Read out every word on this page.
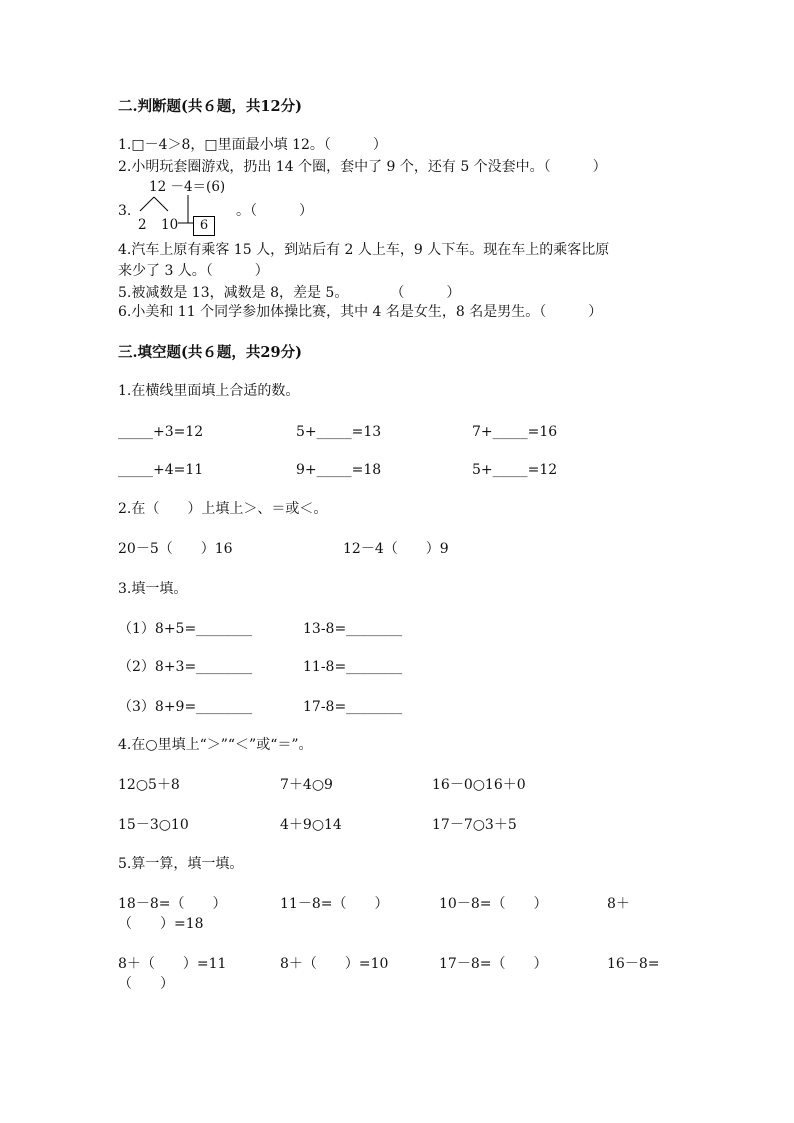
二.判断题(共６题，共12分)
1.□－4＞8，□里面最小填 12。（　　　）
2.小明玩套圈游戏，扔出 14 个圈，套中了 9 个，还有 5 个没套中。（　　　）
12 －4＝(6)
3.
2 10	6
。（　　　）
4.汽车上原有乘客 15 人，到站后有 2 人上车，9 人下车。现在车上的乘客比原
来少了 3 人。（　　　）
5.被减数是 13，减数是 8，差是 5。　　　　（　　　）
6.小美和 11 个同学参加体操比赛，其中 4 名是女生，8 名是男生。（　　　）
三.填空题(共６题，共29分)
1.在横线里面填上合适的数。
_____+3=12	5+_____=13	7+_____=16
_____+4=11	9+_____=18	5+_____=12
2.在（　　）上填上＞、＝或＜。
20－5（　　）16	12－4（　　）9
3.填一填。
（1）8+5=________	13-8=________
（2）8+3=________	11-8=________
（3）8+9=________	17-8=________
4.在○里填上“＞”“＜”或“＝”。
12○5＋8	7＋4○9	16－0○16＋0
15－3○10	4＋9○14	17－7○3＋5
5.算一算，填一填。
18－8=（　　）	11－8=（　　）	10－8=（　　）	8＋
（　　）=18
8＋（　　）=11	8＋（　　）=10	17－8=（　　）	16－8=
（　　）
